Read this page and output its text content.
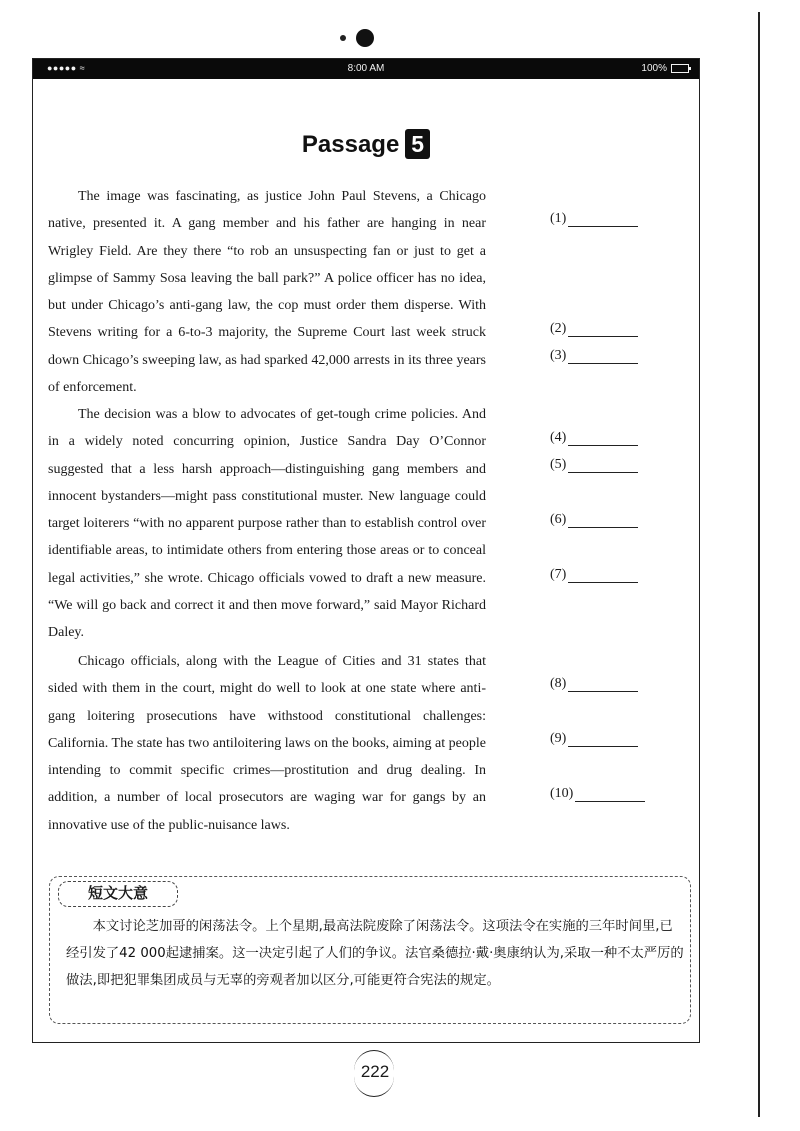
●●●●● ≈	8:00 AM	100%
Passage 5
The image was fascinating, as justice John Paul Stevens, a Chicago native, presented it. A gang member and his father are hanging in near Wrigley Field. Are they there “to rob an unsuspecting fan or just to get a glimpse of Sammy Sosa leaving the ball park?” A police officer has no idea, but under Chicago’s anti-gang law, the cop must order them disperse. With Stevens writing for a 6-to-3 majority, the Supreme Court last week struck down Chicago’s sweeping law, as had sparked 42,000 arrests in its three years of enforcement.
The decision was a blow to advocates of get-tough crime policies. And in a widely noted concurring opinion, Justice Sandra Day O’Connor suggested that a less harsh approach—distinguishing gang members and innocent bystanders—might pass constitutional muster. New language could target loiterers “with no apparent purpose rather than to establish control over identifiable areas, to intimidate others from entering those areas or to conceal legal activities,” she wrote. Chicago officials vowed to draft a new measure. “We will go back and correct it and then move forward,” said Mayor Richard Daley.
Chicago officials, along with the League of Cities and 31 states that sided with them in the court, might do well to look at one state where anti-gang loitering prosecutions have withstood constitutional challenges: California. The state has two antiloitering laws on the books, aiming at people intending to commit specific crimes—prostitution and drug dealing. In addition, a number of local prosecutors are waging war for gangs by an innovative use of the public-nuisance laws.
(1)
(2)
(3)
(4)
(5)
(6)
(7)
(8)
(9)
(10)
短文大意
本文讨论芝加哥的闲荡法令。上个星期,最高法院废除了闲荡法令。这项法令在实施的三年时间里,已经引发了42 000起逮捕案。这一决定引起了人们的争议。法官桑德拉·戴·奥康纳认为,采取一种不太严厉的做法,即把犯罪集团成员与无辜的旁观者加以区分,可能更符合宪法的规定。
222
